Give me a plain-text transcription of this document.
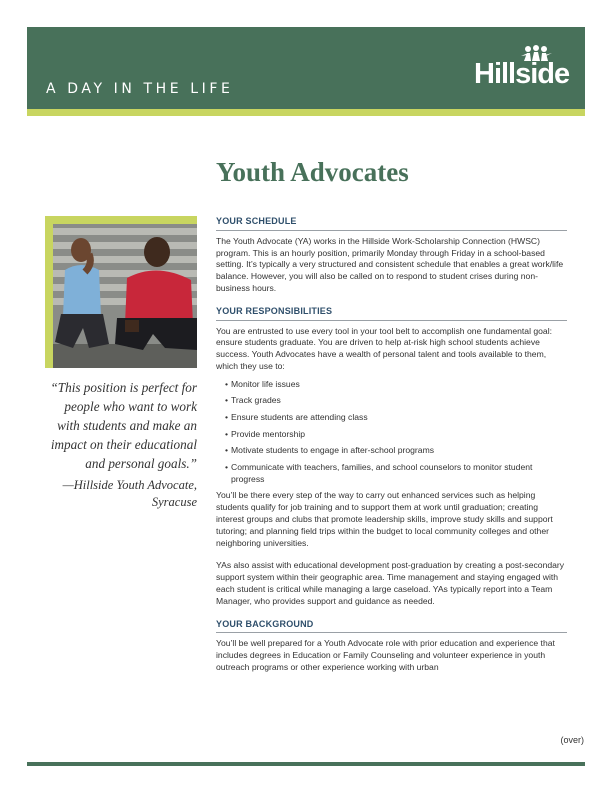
A DAY IN THE LIFE	Hillside
Youth Advocates

“This position is perfect for people who want to work with students and make an impact on their educational and personal goals.”

—Hillside Youth Advocate, Syracuse

YOUR SCHEDULE

The Youth Advocate (YA) works in the Hillside Work-Scholarship Connection (HWSC) program. This is an hourly position, primarily Monday through Friday in a school-based setting. It’s typically a very structured and consistent schedule that enables a great work/life balance. However, you will also be called on to respond to student crises during non-business hours.

YOUR RESPONSIBILITIES

You are entrusted to use every tool in your tool belt to accomplish one fundamental goal: ensure students graduate. You are driven to help at-risk high school students achieve success. Youth Advocates have a wealth of personal talent and tools available to them, which they use to:

• Monitor life issues
• Track grades
• Ensure students are attending class
• Provide mentorship
• Motivate students to engage in after-school programs
• Communicate with teachers, families, and school counselors to monitor student progress

You’ll be there every step of the way to carry out enhanced services such as helping students qualify for job training and to support them at work until graduation; creating interest groups and clubs that promote leadership skills, improve study skills and support tutoring; and planning field trips within the budget to local community colleges and other neighboring universities.

YAs also assist with educational development post-graduation by creating a post-secondary support system within their geographic area. Time management and staying engaged with each student is critical while managing a large caseload. YAs typically report into a Team Manager, who provides support and guidance as needed.

YOUR BACKGROUND

You’ll be well prepared for a Youth Advocate role with prior education and experience that includes degrees in Education or Family Counseling and volunteer experience in youth outreach programs or other experience working with urban

(over)
